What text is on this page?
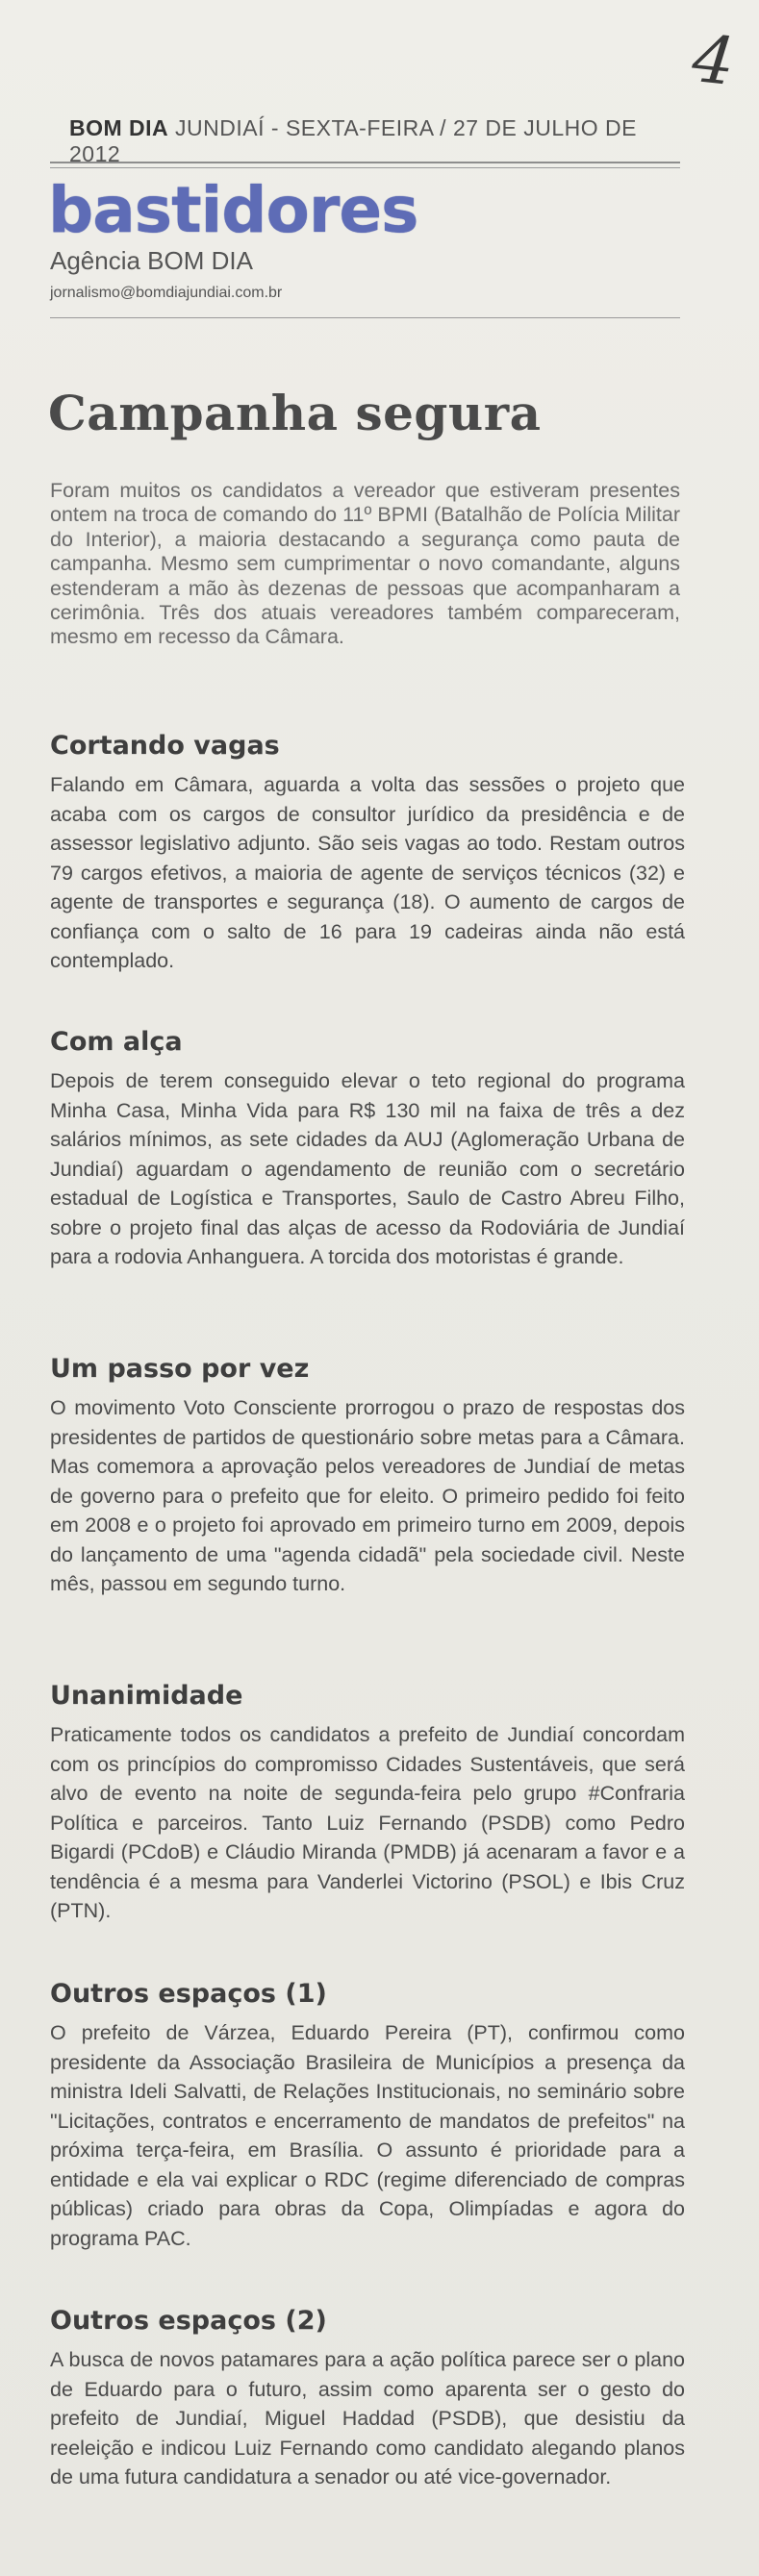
4
BOM DIA JUNDIAÍ - SEXTA-FEIRA / 27 DE JULHO DE 2012
bastidores
Agência BOM DIA
jornalismo@bomdiajundiai.com.br
Campanha segura
Foram muitos os candidatos a vereador que estiveram presentes ontem na troca de comando do 11º BPMI (Batalhão de Polícia Militar do Interior), a maioria destacando a segurança como pauta de campanha. Mesmo sem cumprimentar o novo comandante, alguns estenderam a mão às dezenas de pessoas que acompanharam a cerimônia. Três dos atuais vereadores também compareceram, mesmo em recesso da Câmara.
Cortando vagas

Falando em Câmara, aguarda a volta das sessões o projeto que acaba com os cargos de consultor jurídico da presidência e de assessor legislativo adjunto. São seis vagas ao todo. Restam outros 79 cargos efetivos, a maioria de agente de serviços técnicos (32) e agente de transportes e segurança (18). O aumento de cargos de confiança com o salto de 16 para 19 cadeiras ainda não está contemplado.

Com alça

Depois de terem conseguido elevar o teto regional do programa Minha Casa, Minha Vida para R$ 130 mil na faixa de três a dez salários mínimos, as sete cidades da AUJ (Aglomeração Urbana de Jundiaí) aguardam o agendamento de reunião com o secretário estadual de Logística e Transportes, Saulo de Castro Abreu Filho, sobre o projeto final das alças de acesso da Rodoviária de Jundiaí para a rodovia Anhanguera. A torcida dos motoristas é grande.

Um passo por vez

O movimento Voto Consciente prorrogou o prazo de respostas dos presidentes de partidos de questionário sobre metas para a Câmara. Mas comemora a aprovação pelos vereadores de Jundiaí de metas de governo para o prefeito que for eleito. O primeiro pedido foi feito em 2008 e o projeto foi aprovado em primeiro turno em 2009, depois do lançamento de uma "agenda cidadã" pela sociedade civil. Neste mês, passou em segundo turno.

Unanimidade

Praticamente todos os candidatos a prefeito de Jundiaí concordam com os princípios do compromisso Cidades Sustentáveis, que será alvo de evento na noite de segunda-feira pelo grupo #Confraria Política e parceiros. Tanto Luiz Fernando (PSDB) como Pedro Bigardi (PCdoB) e Cláudio Miranda (PMDB) já acenaram a favor e a tendência é a mesma para Vanderlei Victorino (PSOL) e Ibis Cruz (PTN).

Outros espaços (1)

O prefeito de Várzea, Eduardo Pereira (PT), confirmou como presidente da Associação Brasileira de Municípios a presença da ministra Ideli Salvatti, de Relações Institucionais, no seminário sobre "Licitações, contratos e encerramento de mandatos de prefeitos" na próxima terça-feira, em Brasília. O assunto é prioridade para a entidade e ela vai explicar o RDC (regime diferenciado de compras públicas) criado para obras da Copa, Olimpíadas e agora do programa PAC.

Outros espaços (2)

A busca de novos patamares para a ação política parece ser o plano de Eduardo para o futuro, assim como aparenta ser o gesto do prefeito de Jundiaí, Miguel Haddad (PSDB), que desistiu da reeleição e indicou Luiz Fernando como candidato alegando planos de uma futura candidatura a senador ou até vice-governador.
